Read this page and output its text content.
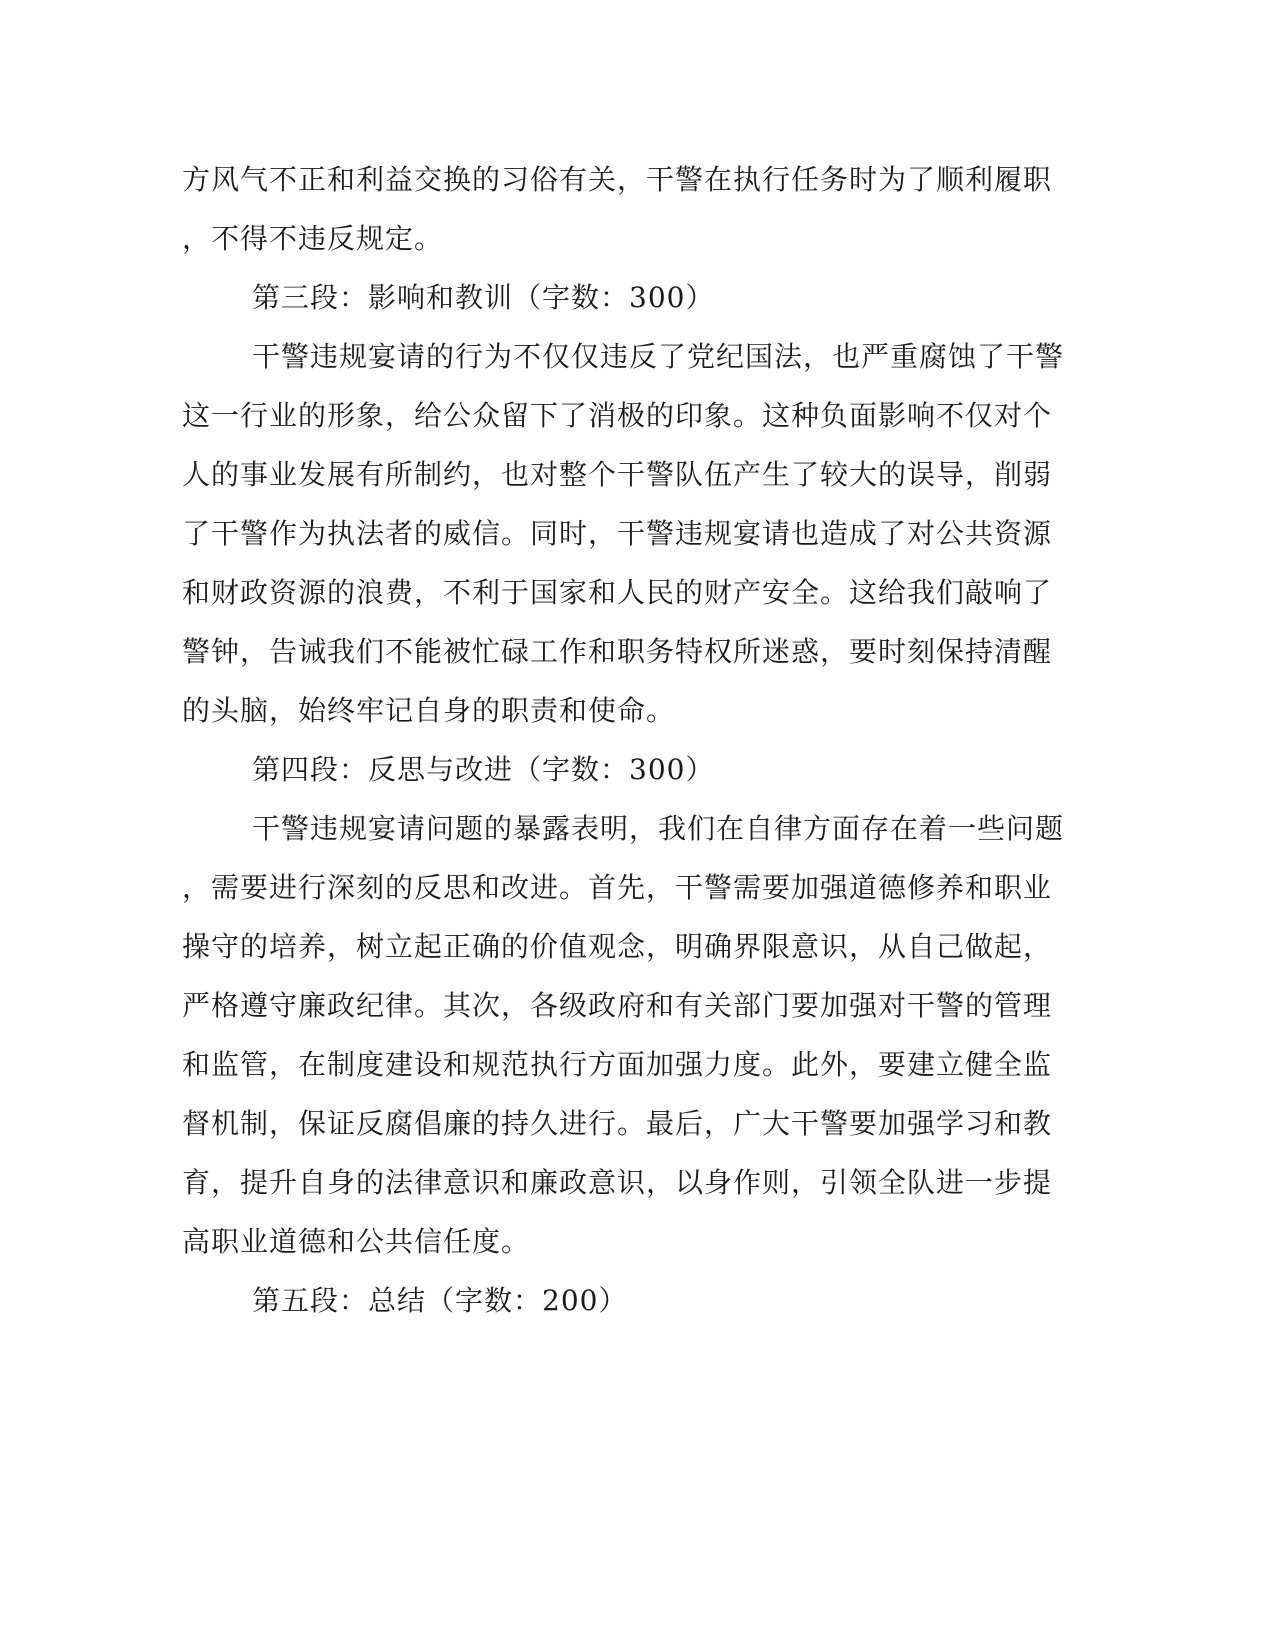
方风气不正和利益交换的习俗有关，干警在执行任务时为了顺利履职
，不得不违反规定。
第三段：影响和教训（字数：300）
干警违规宴请的行为不仅仅违反了党纪国法，也严重腐蚀了干警
这一行业的形象，给公众留下了消极的印象。这种负面影响不仅对个
人的事业发展有所制约，也对整个干警队伍产生了较大的误导，削弱
了干警作为执法者的威信。同时，干警违规宴请也造成了对公共资源
和财政资源的浪费，不利于国家和人民的财产安全。这给我们敲响了
警钟，告诫我们不能被忙碌工作和职务特权所迷惑，要时刻保持清醒
的头脑，始终牢记自身的职责和使命。
第四段：反思与改进（字数：300）
干警违规宴请问题的暴露表明，我们在自律方面存在着一些问题
，需要进行深刻的反思和改进。首先，干警需要加强道德修养和职业
操守的培养，树立起正确的价值观念，明确界限意识，从自己做起，
严格遵守廉政纪律。其次，各级政府和有关部门要加强对干警的管理
和监管，在制度建设和规范执行方面加强力度。此外，要建立健全监
督机制，保证反腐倡廉的持久进行。最后，广大干警要加强学习和教
育，提升自身的法律意识和廉政意识，以身作则，引领全队进一步提
高职业道德和公共信任度。
第五段：总结（字数：200）
